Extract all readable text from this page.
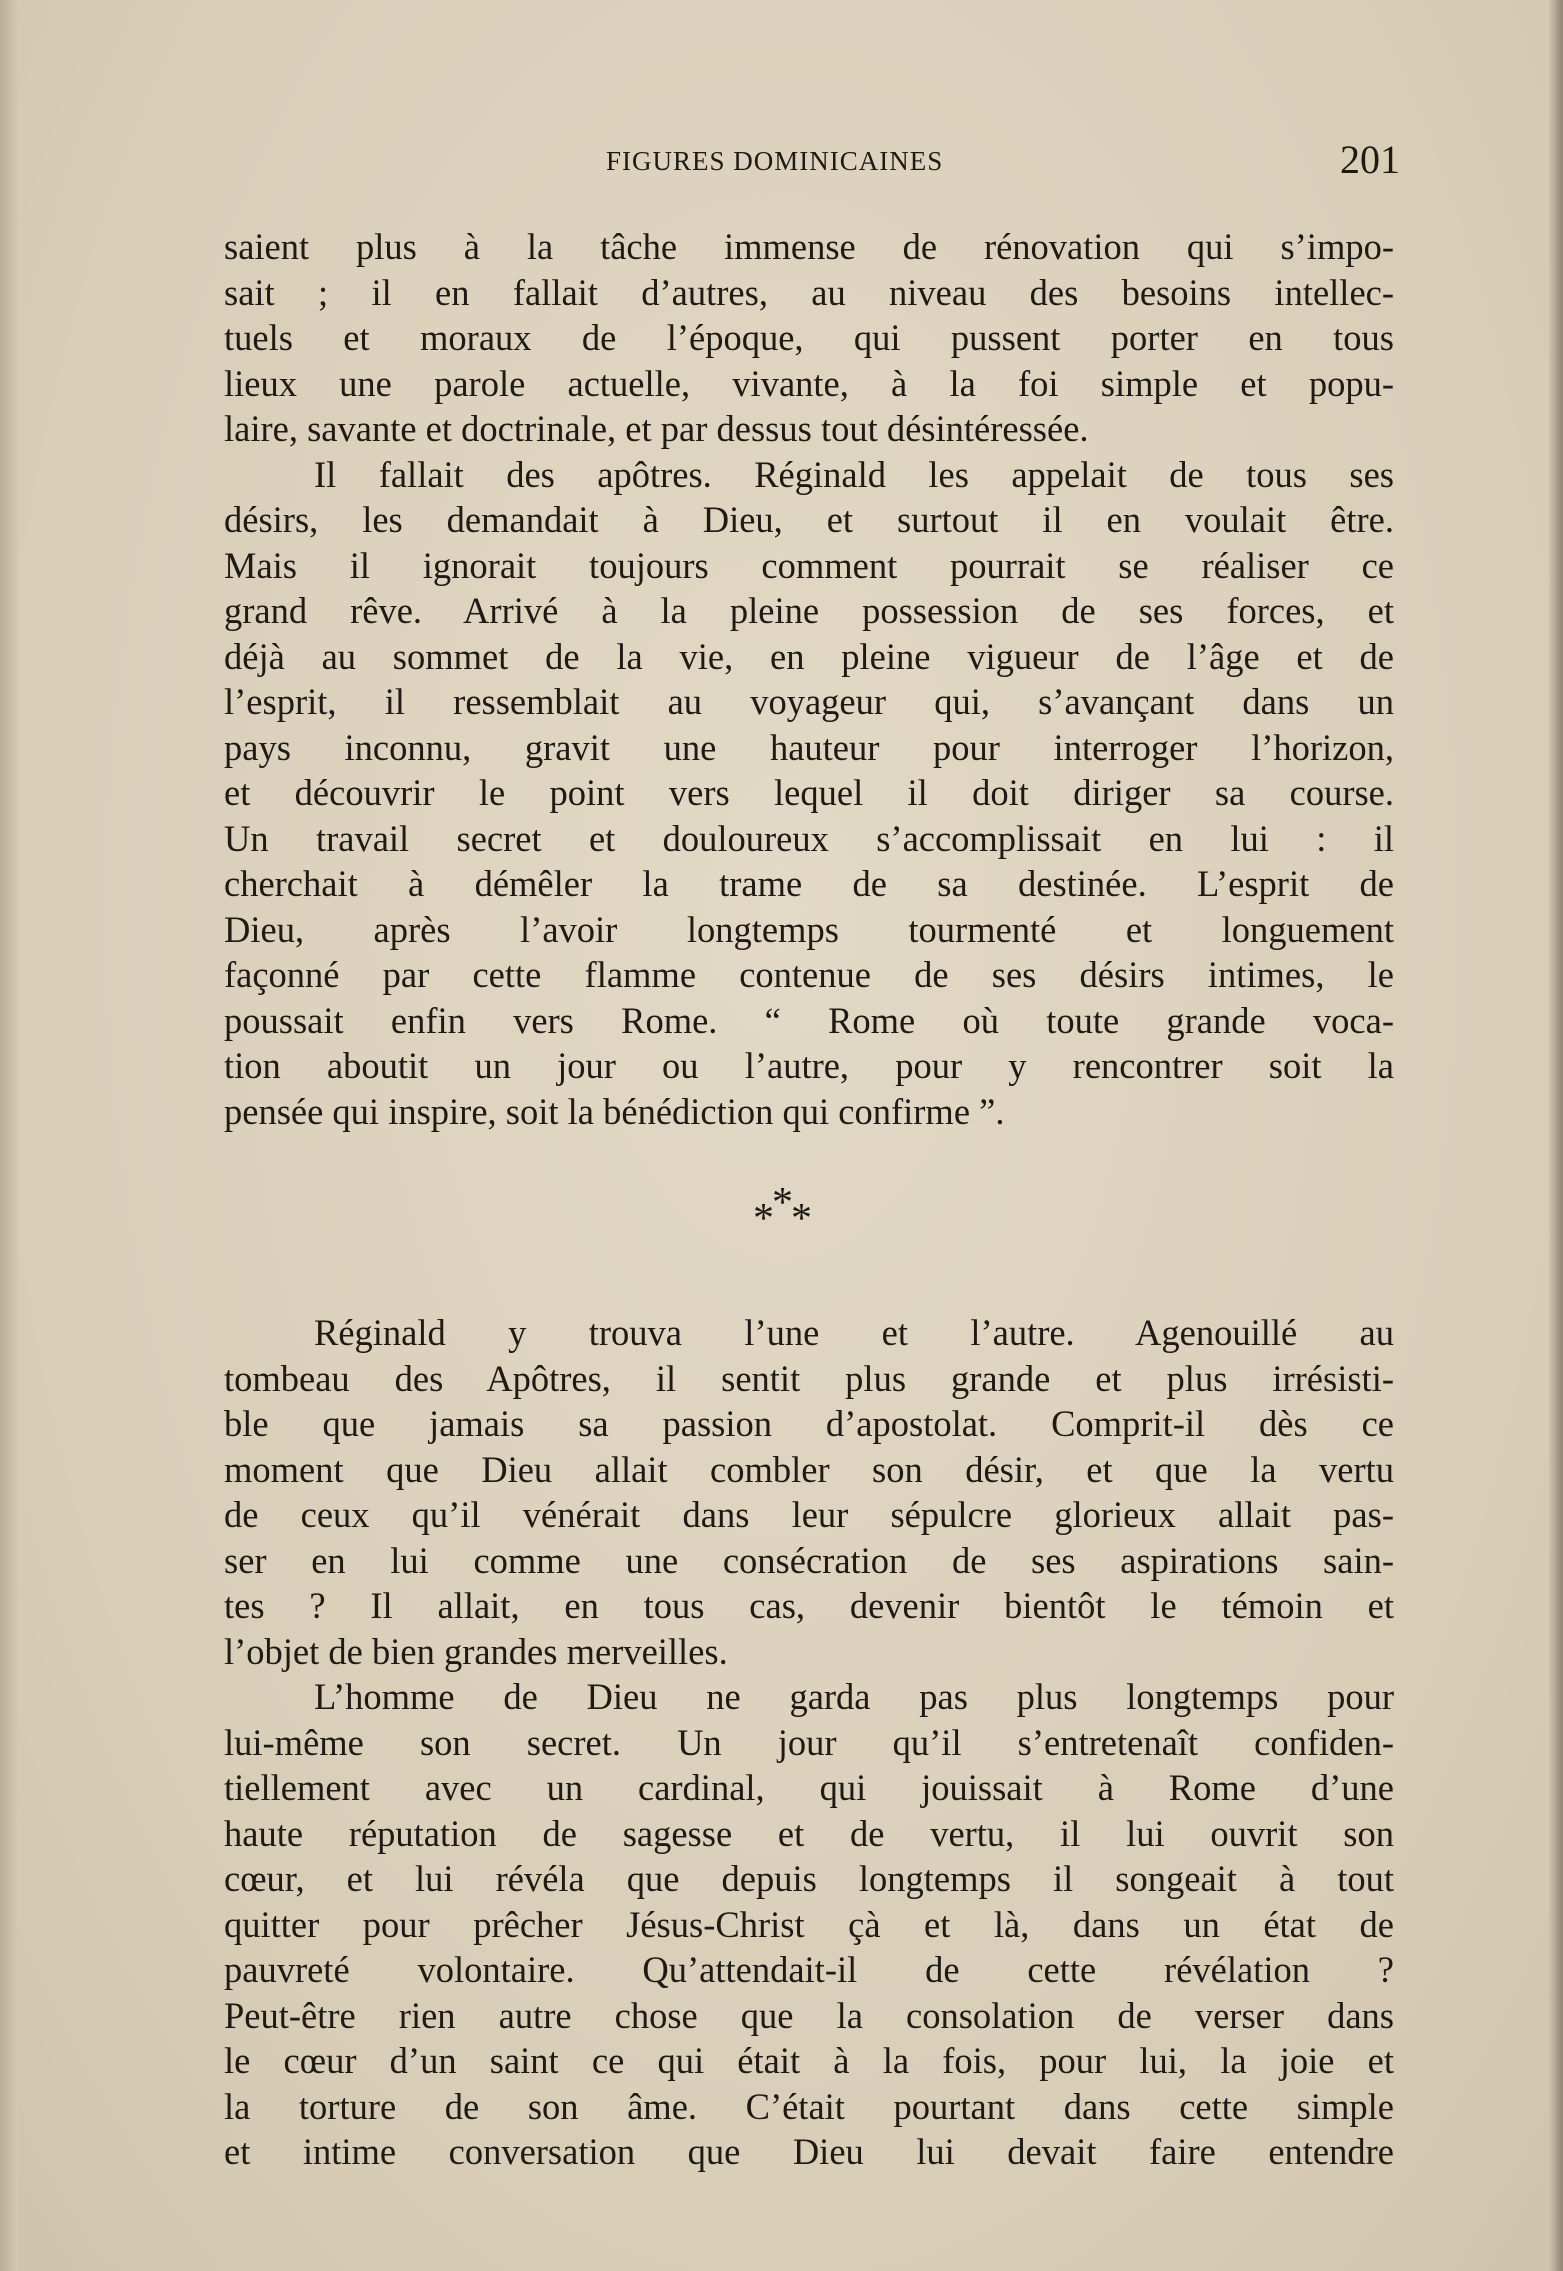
FIGURES DOMINICAINES	201
saient plus à la tâche immense de rénovation qui s’impo-
sait ; il en fallait d’autres, au niveau des besoins intellec-
tuels et moraux de l’époque, qui pussent porter en tous
lieux une parole actuelle, vivante, à la foi simple et popu-
laire, savante et doctrinale, et par dessus tout désintéressée.
Il fallait des apôtres. Réginald les appelait de tous ses
désirs, les demandait à Dieu, et surtout il en voulait être.
Mais il ignorait toujours comment pourrait se réaliser ce
grand rêve. Arrivé à la pleine possession de ses forces, et
déjà au sommet de la vie, en pleine vigueur de l’âge et de
l’esprit, il ressemblait au voyageur qui, s’avançant dans un
pays inconnu, gravit une hauteur pour interroger l’horizon,
et découvrir le point vers lequel il doit diriger sa course.
Un travail secret et douloureux s’accomplissait en lui : il
cherchait à démêler la trame de sa destinée. L’esprit de
Dieu, après l’avoir longtemps tourmenté et longuement
façonné par cette flamme contenue de ses désirs intimes, le
poussait enfin vers Rome. “ Rome où toute grande voca-
tion aboutit un jour ou l’autre, pour y rencontrer soit la
pensée qui inspire, soit la bénédiction qui confirme ”.
***
Réginald y trouva l’une et l’autre. Agenouillé au
tombeau des Apôtres, il sentit plus grande et plus irrésisti-
ble que jamais sa passion d’apostolat. Comprit-il dès ce
moment que Dieu allait combler son désir, et que la vertu
de ceux qu’il vénérait dans leur sépulcre glorieux allait pas-
ser en lui comme une consécration de ses aspirations sain-
tes ? Il allait, en tous cas, devenir bientôt le témoin et
l’objet de bien grandes merveilles.
L’homme de Dieu ne garda pas plus longtemps pour
lui-même son secret. Un jour qu’il s’entretenaît confiden-
tiellement avec un cardinal, qui jouissait à Rome d’une
haute réputation de sagesse et de vertu, il lui ouvrit son
cœur, et lui révéla que depuis longtemps il songeait à tout
quitter pour prêcher Jésus-Christ çà et là, dans un état de
pauvreté volontaire. Qu’attendait-il de cette révélation ?
Peut-être rien autre chose que la consolation de verser dans
le cœur d’un saint ce qui était à la fois, pour lui, la joie et
la torture de son âme. C’était pourtant dans cette simple
et intime conversation que Dieu lui devait faire entendre
